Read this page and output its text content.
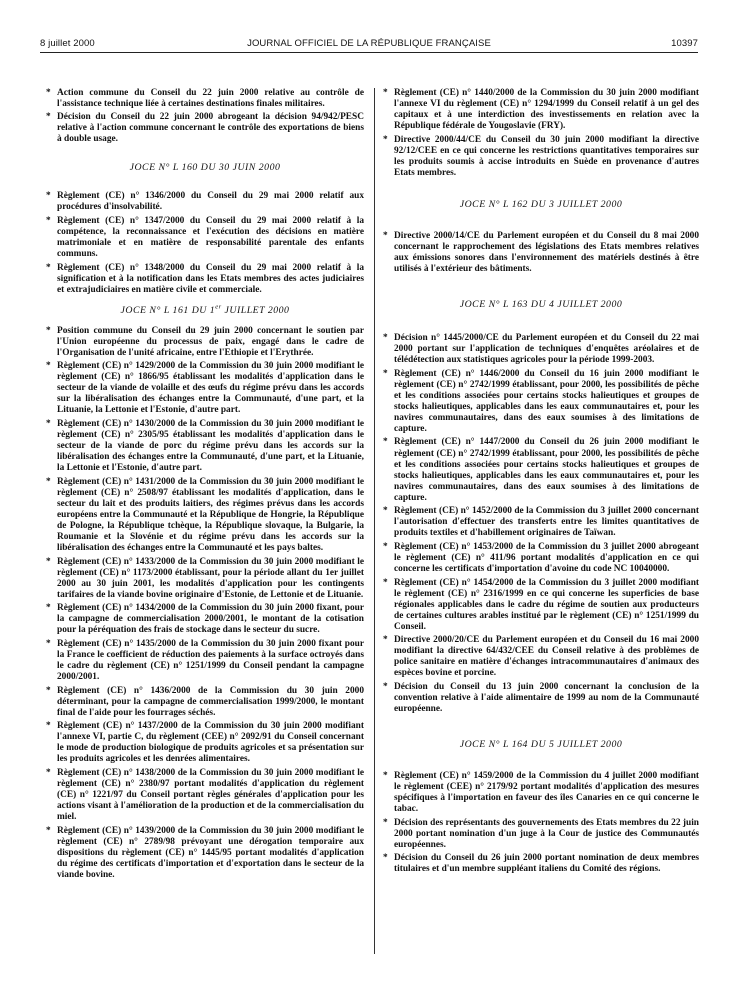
8 juillet 2000	JOURNAL OFFICIEL DE LA RÉPUBLIQUE FRANÇAISE	10397
* Action commune du Conseil du 22 juin 2000 relative au contrôle de l'assistance technique liée à certaines destinations finales militaires.
* Décision du Conseil du 22 juin 2000 abrogeant la décision 94/942/PESC relative à l'action commune concernant le contrôle des exportations de biens à double usage.
JOCE N° L 160 DU 30 JUIN 2000
* Règlement (CE) n° 1346/2000 du Conseil du 29 mai 2000 relatif aux procédures d'insolvabilité.
* Règlement (CE) n° 1347/2000 du Conseil du 29 mai 2000 relatif à la compétence, la reconnaissance et l'exécution des décisions en matière matrimoniale et en matière de responsabilité parentale des enfants communs.
* Règlement (CE) n° 1348/2000 du Conseil du 29 mai 2000 relatif à la signification et à la notification dans les Etats membres des actes judiciaires et extrajudiciaires en matière civile et commerciale.
JOCE N° L 161 DU 1er JUILLET 2000
* Position commune du Conseil du 29 juin 2000 concernant le soutien par l'Union européenne du processus de paix, engagé dans le cadre de l'Organisation de l'unité africaine, entre l'Ethiopie et l'Erythrée.
* Règlement (CE) n° 1429/2000 de la Commission du 30 juin 2000 modifiant le règlement (CE) n° 1866/95 établissant les modalités d'application dans le secteur de la viande de volaille et des œufs du régime prévu dans les accords sur la libéralisation des échanges entre la Communauté, d'une part, et la Lituanie, la Lettonie et l'Estonie, d'autre part.
* Règlement (CE) n° 1430/2000 de la Commission du 30 juin 2000 modifiant le règlement (CE) n° 2305/95 établissant les modalités d'application dans le secteur de la viande de porc du régime prévu dans les accords sur la libéralisation des échanges entre la Communauté, d'une part, et la Lituanie, la Lettonie et l'Estonie, d'autre part.
* Règlement (CE) n° 1431/2000 de la Commission du 30 juin 2000 modifiant le règlement (CE) n° 2508/97 établissant les modalités d'application, dans le secteur du lait et des produits laitiers, des régimes prévus dans les accords européens entre la Communauté et la République de Hongrie, la République de Pologne, la République tchèque, la République slovaque, la Bulgarie, la Roumanie et la Slovénie et du régime prévu dans les accords sur la libéralisation des échanges entre la Communauté et les pays baltes.
* Règlement (CE) n° 1433/2000 de la Commission du 30 juin 2000 modifiant le règlement (CE) n° 1173/2000 établissant, pour la période allant du 1er juillet 2000 au 30 juin 2001, les modalités d'application pour les contingents tarifaires de la viande bovine originaire d'Estonie, de Lettonie et de Lituanie.
* Règlement (CE) n° 1434/2000 de la Commission du 30 juin 2000 fixant, pour la campagne de commercialisation 2000/2001, le montant de la cotisation pour la péréquation des frais de stockage dans le secteur du sucre.
* Règlement (CE) n° 1435/2000 de la Commission du 30 juin 2000 fixant pour la France le coefficient de réduction des paiements à la surface octroyés dans le cadre du règlement (CE) n° 1251/1999 du Conseil pendant la campagne 2000/2001.
* Règlement (CE) n° 1436/2000 de la Commission du 30 juin 2000 déterminant, pour la campagne de commercialisation 1999/2000, le montant final de l'aide pour les fourrages séchés.
* Règlement (CE) n° 1437/2000 de la Commission du 30 juin 2000 modifiant l'annexe VI, partie C, du règlement (CEE) n° 2092/91 du Conseil concernant le mode de production biologique de produits agricoles et sa présentation sur les produits agricoles et les denrées alimentaires.
* Règlement (CE) n° 1438/2000 de la Commission du 30 juin 2000 modifiant le règlement (CE) n° 2380/97 portant modalités d'application du règlement (CE) n° 1221/97 du Conseil portant règles générales d'application pour les actions visant à l'amélioration de la production et de la commercialisation du miel.
* Règlement (CE) n° 1439/2000 de la Commission du 30 juin 2000 modifiant le règlement (CE) n° 2789/98 prévoyant une dérogation temporaire aux dispositions du règlement (CE) n° 1445/95 portant modalités d'application du régime des certificats d'importation et d'exportation dans le secteur de la viande bovine.
* Règlement (CE) n° 1440/2000 de la Commission du 30 juin 2000 modifiant l'annexe VI du règlement (CE) n° 1294/1999 du Conseil relatif à un gel des capitaux et à une interdiction des investissements en relation avec la République fédérale de Yougoslavie (FRY).
* Directive 2000/44/CE du Conseil du 30 juin 2000 modifiant la directive 92/12/CEE en ce qui concerne les restrictions quantitatives temporaires sur les produits soumis à accise introduits en Suède en provenance d'autres Etats membres.
JOCE N° L 162 DU 3 JUILLET 2000
* Directive 2000/14/CE du Parlement européen et du Conseil du 8 mai 2000 concernant le rapprochement des législations des Etats membres relatives aux émissions sonores dans l'environnement des matériels destinés à être utilisés à l'extérieur des bâtiments.
JOCE N° L 163 DU 4 JUILLET 2000
* Décision n° 1445/2000/CE du Parlement européen et du Conseil du 22 mai 2000 portant sur l'application de techniques d'enquêtes aréolaires et de télédétection aux statistiques agricoles pour la période 1999-2003.
* Règlement (CE) n° 1446/2000 du Conseil du 16 juin 2000 modifiant le règlement (CE) n° 2742/1999 établissant, pour 2000, les possibilités de pêche et les conditions associées pour certains stocks halieutiques et groupes de stocks halieutiques, applicables dans les eaux communautaires et, pour les navires communautaires, dans des eaux soumises à des limitations de capture.
* Règlement (CE) n° 1447/2000 du Conseil du 26 juin 2000 modifiant le règlement (CE) n° 2742/1999 établissant, pour 2000, les possibilités de pêche et les conditions associées pour certains stocks halieutiques et groupes de stocks halieutiques, applicables dans les eaux communautaires et, pour les navires communautaires, dans des eaux soumises à des limitations de capture.
* Règlement (CE) n° 1452/2000 de la Commission du 3 juillet 2000 concernant l'autorisation d'effectuer des transferts entre les limites quantitatives de produits textiles et d'habillement originaires de Taïwan.
* Règlement (CE) n° 1453/2000 de la Commission du 3 juillet 2000 abrogeant le règlement (CE) n° 411/96 portant modalités d'application en ce qui concerne les certificats d'importation d'avoine du code NC 10040000.
* Règlement (CE) n° 1454/2000 de la Commission du 3 juillet 2000 modifiant le règlement (CE) n° 2316/1999 en ce qui concerne les superficies de base régionales applicables dans le cadre du régime de soutien aux producteurs de certaines cultures arables institué par le règlement (CE) n° 1251/1999 du Conseil.
* Directive 2000/20/CE du Parlement européen et du Conseil du 16 mai 2000 modifiant la directive 64/432/CEE du Conseil relative à des problèmes de police sanitaire en matière d'échanges intracommunautaires d'animaux des espèces bovine et porcine.
* Décision du Conseil du 13 juin 2000 concernant la conclusion de la convention relative à l'aide alimentaire de 1999 au nom de la Communauté européenne.
JOCE N° L 164 DU 5 JUILLET 2000
* Règlement (CE) n° 1459/2000 de la Commission du 4 juillet 2000 modifiant le règlement (CEE) n° 2179/92 portant modalités d'application des mesures spécifiques à l'importation en faveur des îles Canaries en ce qui concerne le tabac.
* Décision des représentants des gouvernements des Etats membres du 22 juin 2000 portant nomination d'un juge à la Cour de justice des Communautés européennes.
* Décision du Conseil du 26 juin 2000 portant nomination de deux membres titulaires et d'un membre suppléant italiens du Comité des régions.
